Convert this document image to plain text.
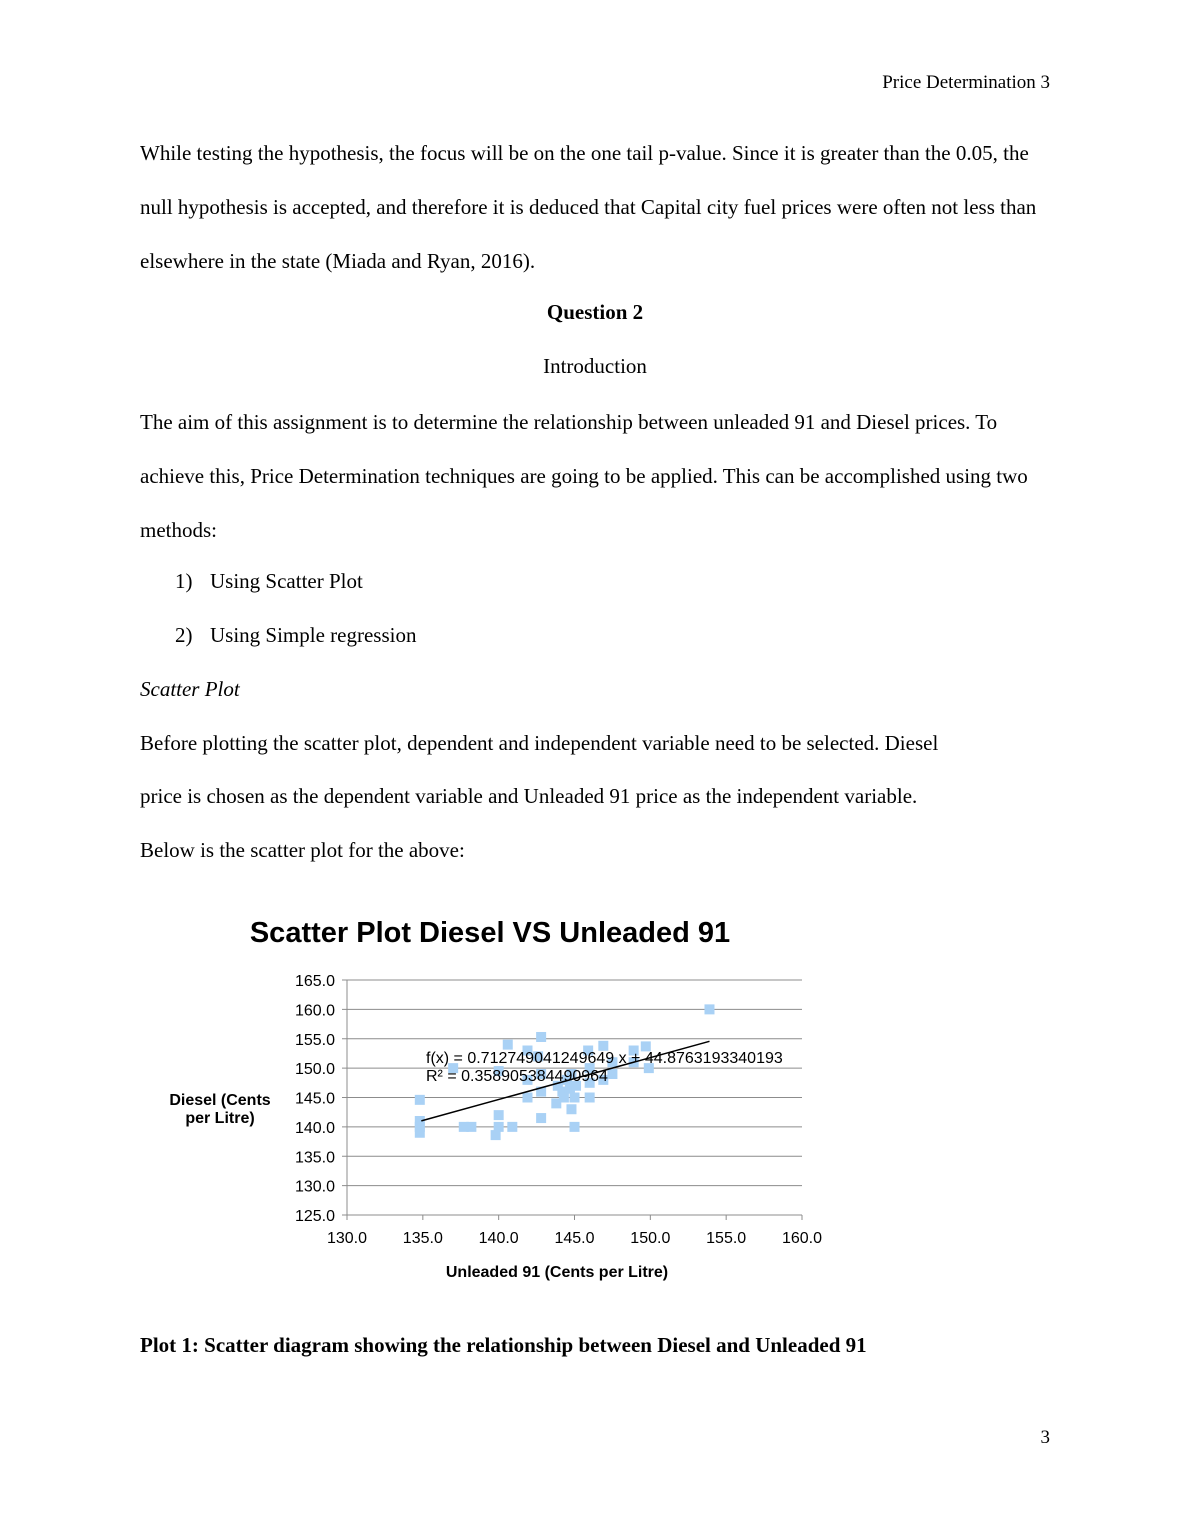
Price Determination 3
While testing the hypothesis, the focus will be on the one tail p-value. Since it is greater than the 0.05, the null hypothesis is accepted, and therefore it is deduced that Capital city fuel prices were often not less than elsewhere in the state (Miada and Ryan, 2016).
Question 2
Introduction
The aim of this assignment is to determine the relationship between unleaded 91 and Diesel prices. To achieve this, Price Determination techniques are going to be applied. This can be accomplished using two methods:
1) Using Scatter Plot
2) Using Simple regression
Scatter Plot
Before plotting the scatter plot, dependent and independent variable need to be selected. Diesel
price is chosen as the dependent variable and Unleaded 91 price as the independent variable.
Below is the scatter plot for the above:
Scatter Plot Diesel VS Unleaded 91
165.0
160.0
155.0
150.0
145.0
140.0
135.0
130.0
125.0
130.0 135.0 140.0 145.0 150.0 155.0 160.0
Diesel (Cents
per Litre)
Unleaded 91 (Cents per Litre)
f(x) = 0.712749041249649 x + 44.8763193340193
R² = 0.358905384490964
Plot 1: Scatter diagram showing the relationship between Diesel and Unleaded 91
3
